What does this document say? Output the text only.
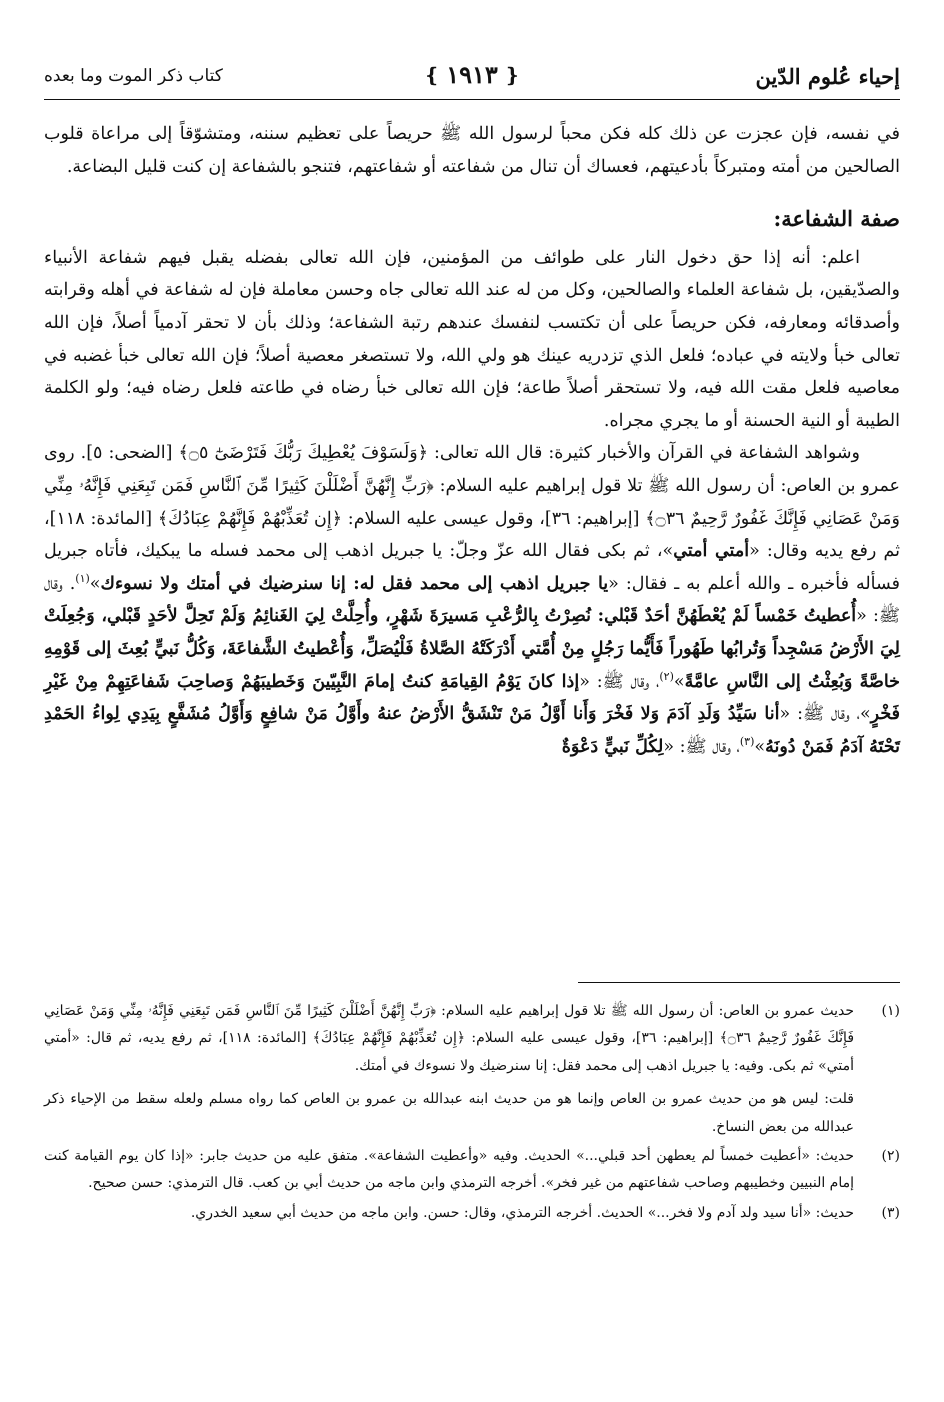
إحياء عُلوم الدّين
❴
١٩١٣
❵
كتاب ذكر الموت وما بعده

في نفسه، فإن عجزت عن ذلك كله فكن محباً لرسول الله ﷺ حريصاً على تعظيم سننه، ومتشوّقاً إلى مراعاة قلوب الصالحين من أمته ومتبركاً بأدعيتهم، فعساك أن تنال من شفاعته أو شفاعتهم، فتنجو بالشفاعة إن كنت قليل البضاعة.

صفة الشفاعة:

اعلم: أنه إذا حق دخول النار على طوائف من المؤمنين، فإن الله تعالى بفضله يقبل فيهم شفاعة الأنبياء والصدّيقين، بل شفاعة العلماء والصالحين، وكل من له عند الله تعالى جاه وحسن معاملة فإن له شفاعة في أهله وقرابته وأصدقائه ومعارفه، فكن حريصاً على أن تكتسب لنفسك عندهم رتبة الشفاعة؛ وذلك بأن لا تحقر آدمياً أصلاً، فإن الله تعالى خبأ ولايته في عباده؛ فلعل الذي تزدريه عينك هو ولي الله، ولا تستصغر معصية أصلاً؛ فإن الله تعالى خبأ غضبه في معاصيه فلعل مقت الله فيه، ولا تستحقر أصلاً طاعة؛ فإن الله تعالى خبأ رضاه في طاعته فلعل رضاه فيه؛ ولو الكلمة الطيبة أو النية الحسنة أو ما يجري مجراه.

وشواهد الشفاعة في القرآن والأخبار كثيرة: قال الله تعالى: ﴿وَلَسَوْفَ يُعْطِيكَ رَبُّكَ فَتَرْضَىٰٓ ۝٥﴾ [الضحى: ٥]. روى عمرو بن العاص: أن رسول الله ﷺ تلا قول إبراهيم عليه السلام: ﴿رَبِّ إِنَّهُنَّ أَضْلَلْنَ كَثِيرًا مِّنَ ٱلنَّاسِ فَمَن تَبِعَنِي فَإِنَّهُۥ مِنِّي وَمَنْ عَصَانِي فَإِنَّكَ غَفُورٌ رَّحِيمٌ ۝٣٦﴾ [إبراهيم: ٣٦]، وقول عيسى عليه السلام: ﴿إِن تُعَذِّبْهُمْ فَإِنَّهُمْ عِبَادُكَ﴾ [المائدة: ١١٨]، ثم رفع يديه وقال: «أمتي أمتي»، ثم بكى فقال الله عزّ وجلّ: يا جبريل اذهب إلى محمد فسله ما يبكيك، فأتاه جبريل فسأله فأخبره ـ والله أعلم به ـ فقال: «يا جبريل اذهب إلى محمد فقل له: إنا سنرضيك في أمتك ولا نسوءك»$^{(١)}$. وقال ﷺ: «أُعطيتُ خَمْساً لَمْ يُعْطَهُنَّ أحَدٌ قَبْلي: نُصِرْتُ بِالرُّعْبِ مَسيرَةَ شَهْرٍ، وأُحِلَّتْ لِيَ الغَنائِمُ وَلَمْ تَحِلَّ لأحَدٍ قَبْلي، وَجُعِلَتْ لِيَ الأَرْضُ مَسْجِداً وَتُرابُها طَهُوراً فَأَيُّما رَجُلٍ مِنْ أُمَّتي أَدْرَكَتْهُ الصَّلاةُ فَلْيُصَلِّ، وَأُعْطيتُ الشَّفاعَةَ، وَكُلُّ نَبيٍّ بُعِثَ إلى قَوْمِهِ خاصَّةً وَبُعِثْتُ إلى النَّاسِ عامَّةً»$^{(٢)}$، وقال ﷺ: «إذا كانَ يَوْمُ القِيامَةِ كنتُ إمامَ النَّبِيّينَ وَخَطيبَهُمْ وَصاحِبَ شَفاعَتِهِمْ مِنْ غَيْرِ فَخْرٍ»، وقال ﷺ: «أنا سَيِّدُ وَلَدِ آدَمَ وَلا فَخْرَ وَأَنا أَوَّلُ مَنْ تَنْشَقُّ الأَرْضُ عنهُ وأَوَّلُ مَنْ شافِعٍ وَأَوَّلُ مُشَفَّعٍ بِيَدِي لِواءُ الحَمْدِ تَحْتَهُ آدَمُ فَمَنْ دُونَهُ»$^{(٣)}$، وقال ﷺ: «لِكُلِّ نَبيٍّ دَعْوَةٌ

(١)

حديث عمرو بن العاص: أن رسول الله ﷺ تلا قول إبراهيم عليه السلام: ﴿رَبِّ إِنَّهُنَّ أَضْلَلْنَ كَثِيرًا مِّنَ ٱلنَّاسِ فَمَن تَبِعَنِي فَإِنَّهُۥ مِنِّي وَمَنْ عَصَانِي فَإِنَّكَ غَفُورٌ رَّحِيمٌ ۝٣٦﴾ [إبراهيم: ٣٦]، وقول عيسى عليه السلام: ﴿إِن تُعَذِّبْهُمْ فَإِنَّهُمْ عِبَادُكَ﴾ [المائدة: ١١٨]، ثم رفع يديه، ثم قال: «أمتي أمتي» ثم بكى. وفيه: يا جبريل اذهب إلى محمد فقل: إنا سنرضيك ولا نسوءك في أمتك.

قلت: ليس هو من حديث عمرو بن العاص وإنما هو من حديث ابنه عبدالله بن عمرو بن العاص كما رواه مسلم ولعله سقط من الإحياء ذكر عبدالله من بعض النساخ.

(٢)

حديث: «أعطيت خمساً لم يعطهن أحد قبلي...» الحديث. وفيه «وأعطيت الشفاعة». متفق عليه من حديث جابر: «إذا كان يوم القيامة كنت إمام النبيين وخطيبهم وصاحب شفاعتهم من غير فخر». أخرجه الترمذي وابن ماجه من حديث أبي بن كعب. قال الترمذي: حسن صحيح.

(٣)

حديث: «أنا سيد ولد آدم ولا فخر...» الحديث. أخرجه الترمذي، وقال: حسن. وابن ماجه من حديث أبي سعيد الخدري.
